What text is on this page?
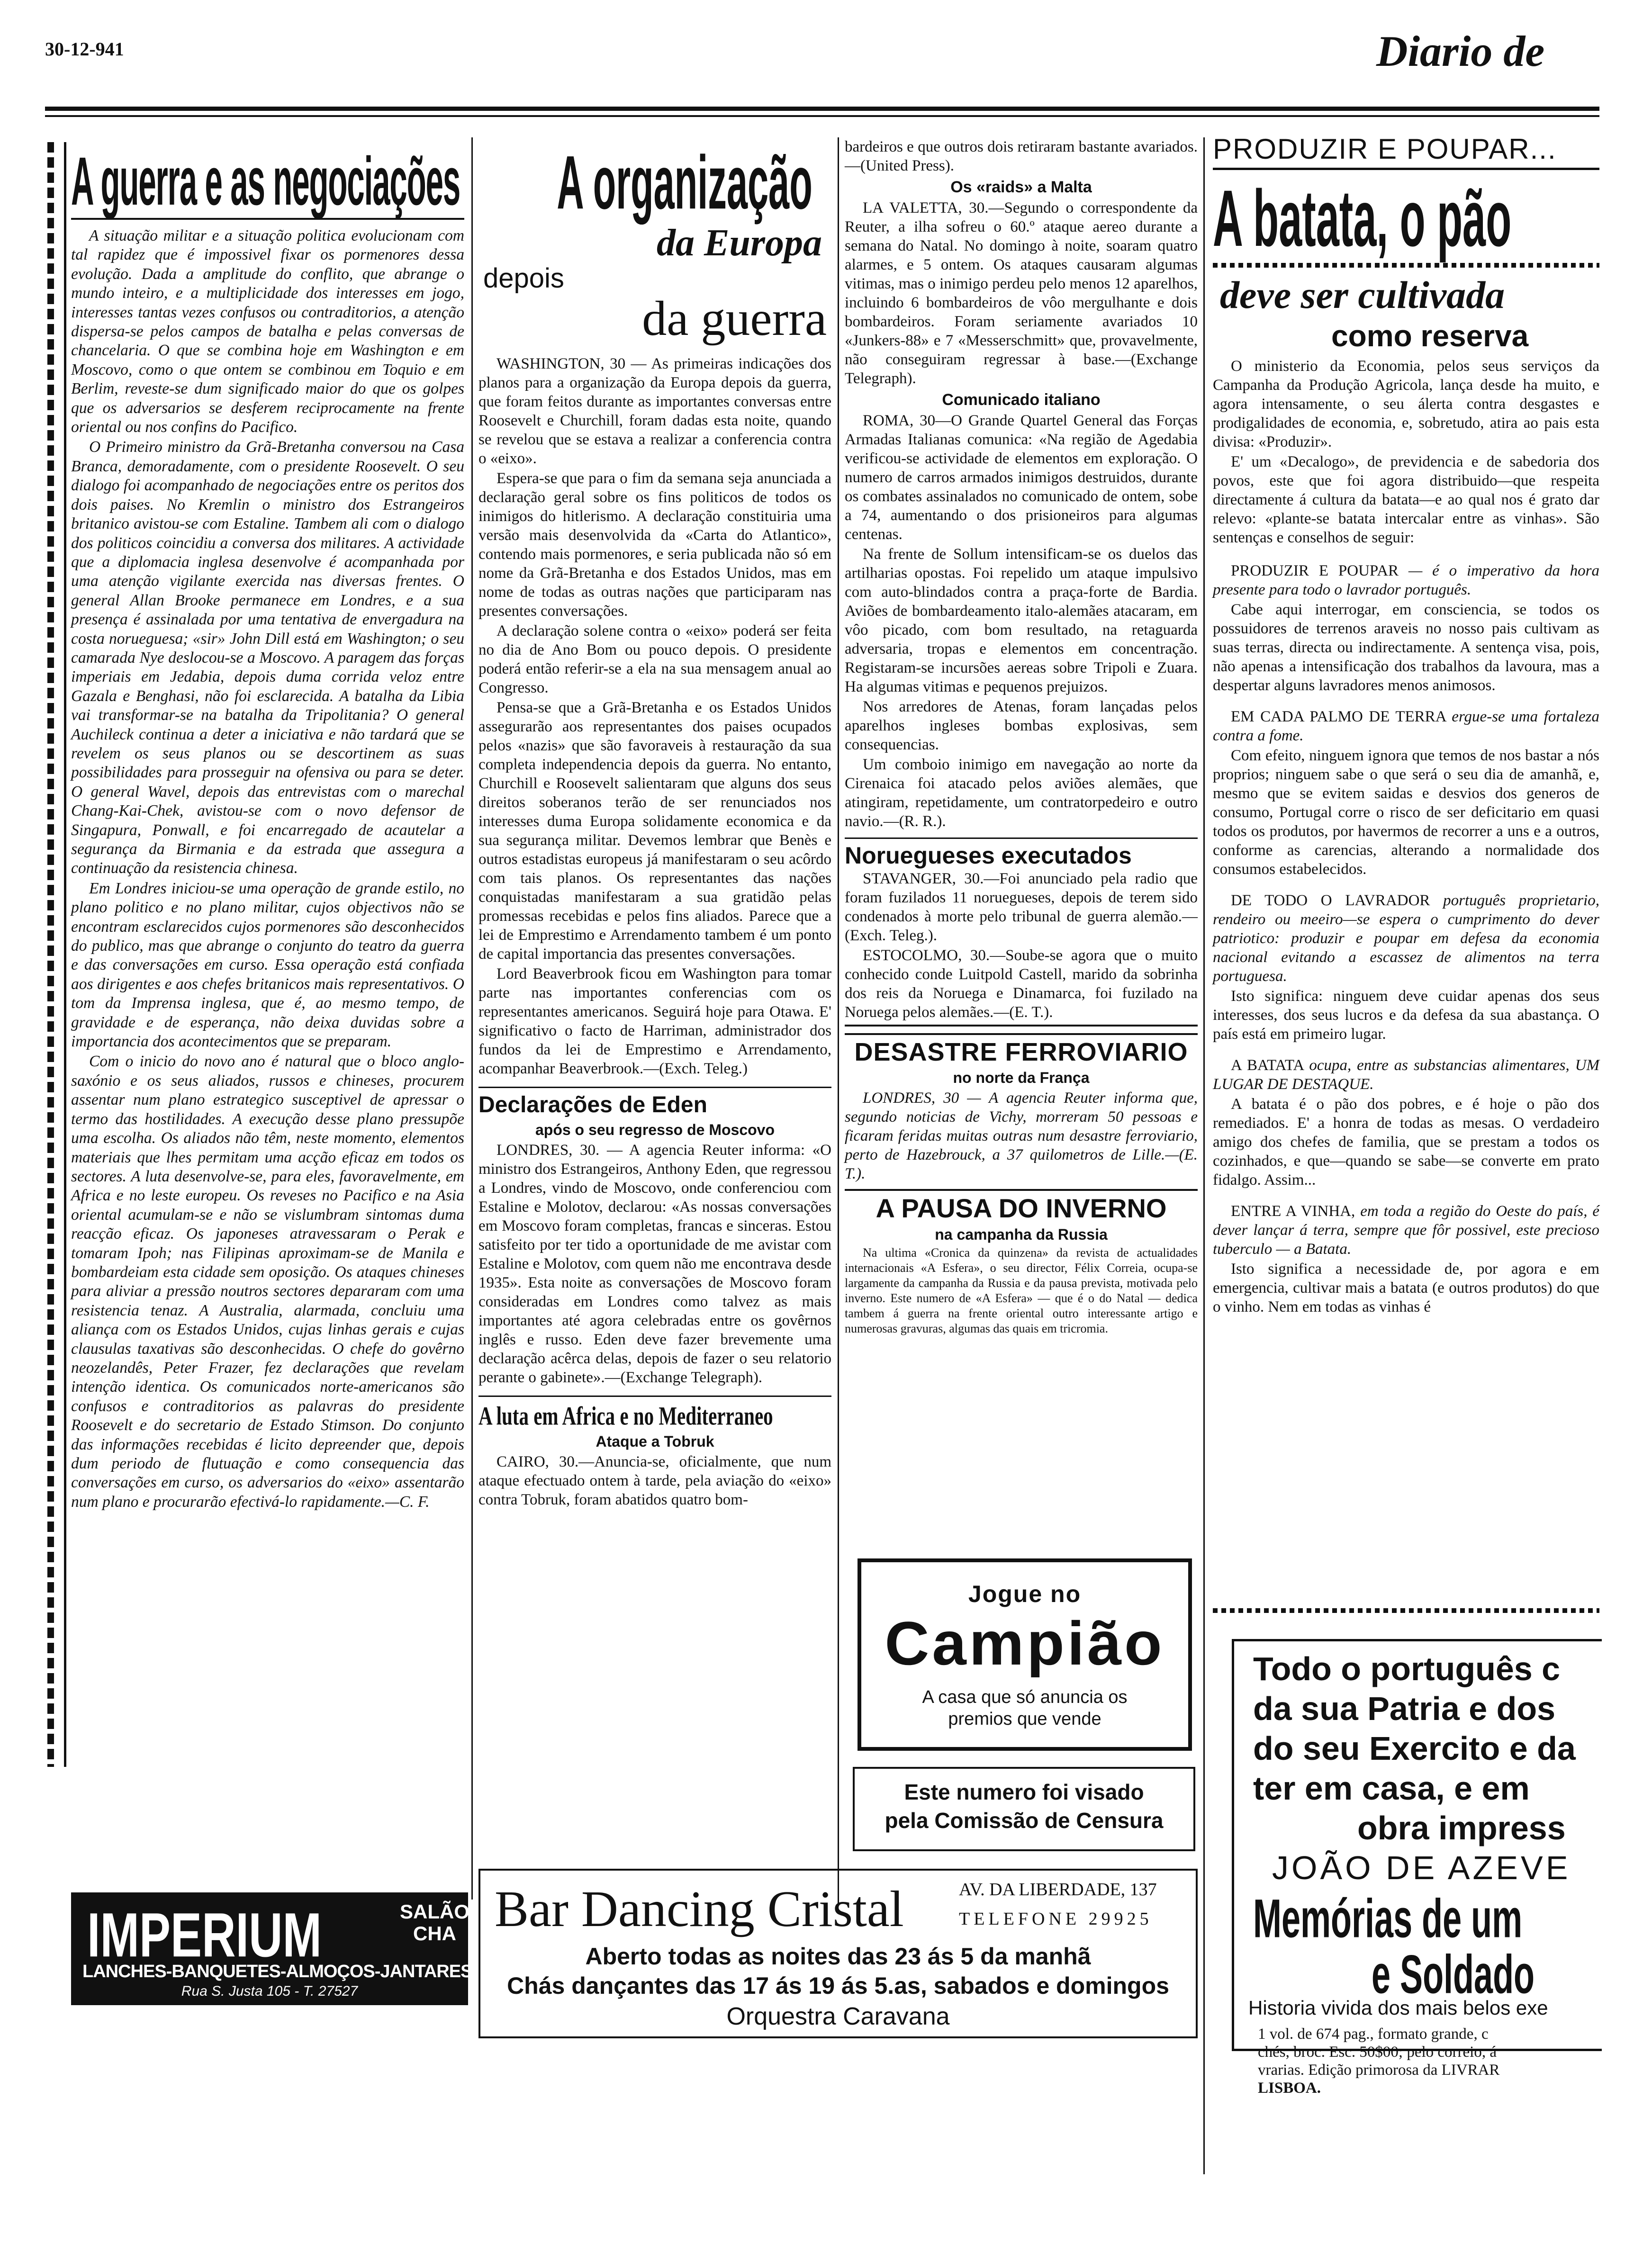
30-12-941	Diario de
A guerra e as negociações

A situação militar e a situação politica evolucionam com tal rapidez que é impossivel fixar os pormenores dessa evolução. Dada a amplitude do conflito, que abrange o mundo inteiro, e a multiplicidade dos interesses em jogo, interesses tantas vezes confusos ou contraditorios, a atenção dispersa-se pelos campos de batalha e pelas conversas de chancelaria. O que se combina hoje em Washington e em Moscovo, como o que ontem se combinou em Toquio e em Berlim, reveste-se dum significado maior do que os golpes que os adversarios se desferem reciprocamente na frente oriental ou nos confins do Pacifico.

O Primeiro ministro da Grã-Bretanha conversou na Casa Branca, demoradamente, com o presidente Roosevelt. O seu dialogo foi acompanhado de negociações entre os peritos dos dois paises. No Kremlin o ministro dos Estrangeiros britanico avistou-se com Estaline. Tambem ali com o dialogo dos politicos coincidiu a conversa dos militares. A actividade que a diplomacia inglesa desenvolve é acompanhada por uma atenção vigilante exercida nas diversas frentes. O general Allan Brooke permanece em Londres, e a sua presença é assinalada por uma tentativa de envergadura na costa norueguesa; «sir» John Dill está em Washington; o seu camarada Nye deslocou-se a Moscovo. A paragem das forças imperiais em Jedabia, depois duma corrida veloz entre Gazala e Benghasi, não foi esclarecida. A batalha da Libia vai transformar-se na batalha da Tripolitania? O general Auchileck continua a deter a iniciativa e não tardará que se revelem os seus planos ou se descortinem as suas possibilidades para prosseguir na ofensiva ou para se deter. O general Wavel, depois das entrevistas com o marechal Chang-Kai-Chek, avistou-se com o novo defensor de Singapura, Ponwall, e foi encarregado de acautelar a segurança da Birmania e da estrada que assegura a continuação da resistencia chinesa.

Em Londres iniciou-se uma operação de grande estilo, no plano politico e no plano militar, cujos objectivos não se encontram esclarecidos cujos pormenores são desconhecidos do publico, mas que abrange o conjunto do teatro da guerra e das conversações em curso. Essa operação está confiada aos dirigentes e aos chefes britanicos mais representativos. O tom da Imprensa inglesa, que é, ao mesmo tempo, de gravidade e de esperança, não deixa duvidas sobre a importancia dos acontecimentos que se preparam.

Com o inicio do novo ano é natural que o bloco anglo-saxónio e os seus aliados, russos e chineses, procurem assentar num plano estrategico susceptivel de apressar o termo das hostilidades. A execução desse plano pressupõe uma escolha. Os aliados não têm, neste momento, elementos materiais que lhes permitam uma acção eficaz em todos os sectores. A luta desenvolve-se, para eles, favoravelmente, em Africa e no leste europeu. Os reveses no Pacifico e na Asia oriental acumulam-se e não se vislumbram sintomas duma reacção eficaz. Os japoneses atravessaram o Perak e tomaram Ipoh; nas Filipinas aproximam-se de Manila e bombardeiam esta cidade sem oposição. Os ataques chineses para aliviar a pressão noutros sectores depararam com uma resistencia tenaz. A Australia, alarmada, concluiu uma aliança com os Estados Unidos, cujas linhas gerais e cujas clausulas taxativas são desconhecidas. O chefe do govêrno neozelandês, Peter Frazer, fez declarações que revelam intenção identica. Os comunicados norte-americanos são confusos e contraditorios as palavras do presidente Roosevelt e do secretario de Estado Stimson. Do conjunto das informações recebidas é licito depreender que, depois dum periodo de flutuação e como consequencia das conversações em curso, os adversarios do «eixo» assentarão num plano e procurarão efectivá-lo rapidamente.—C. F.

IMPERIUM	SALÃO
CHA
LANCHES-BANQUETES-ALMOÇOS-JANTARES
Rua S. Justa 105 - T. 27527
A organização
da Europa
depois
da guerra

WASHINGTON, 30 — As primeiras indicações dos planos para a organização da Europa depois da guerra, que foram feitos durante as importantes conversas entre Roosevelt e Churchill, foram dadas esta noite, quando se revelou que se estava a realizar a conferencia contra o «eixo».

Espera-se que para o fim da semana seja anunciada a declaração geral sobre os fins politicos de todos os inimigos do hitlerismo. A declaração constituiria uma versão mais desenvolvida da «Carta do Atlantico», contendo mais pormenores, e seria publicada não só em nome da Grã-Bretanha e dos Estados Unidos, mas em nome de todas as outras nações que participaram nas presentes conversações.

A declaração solene contra o «eixo» poderá ser feita no dia de Ano Bom ou pouco depois. O presidente poderá então referir-se a ela na sua mensagem anual ao Congresso.

Pensa-se que a Grã-Bretanha e os Estados Unidos assegurarão aos representantes dos paises ocupados pelos «nazis» que são favoraveis à restauração da sua completa independencia depois da guerra. No entanto, Churchill e Roosevelt salientaram que alguns dos seus direitos soberanos terão de ser renunciados nos interesses duma Europa solidamente economica e da sua segurança militar. Devemos lembrar que Benès e outros estadistas europeus já manifestaram o seu acôrdo com tais planos. Os representantes das nações conquistadas manifestaram a sua gratidão pelas promessas recebidas e pelos fins aliados. Parece que a lei de Emprestimo e Arrendamento tambem é um ponto de capital importancia das presentes conversações.

Lord Beaverbrook ficou em Washington para tomar parte nas importantes conferencias com os representantes americanos. Seguirá hoje para Otawa. E' significativo o facto de Harriman, administrador dos fundos da lei de Emprestimo e Arrendamento, acompanhar Beaverbrook.—(Exch. Teleg.)

Declarações de Eden
após o seu regresso de Moscovo

LONDRES, 30. — A agencia Reuter informa: «O ministro dos Estrangeiros, Anthony Eden, que regressou a Londres, vindo de Moscovo, onde conferenciou com Estaline e Molotov, declarou: «As nossas conversações em Moscovo foram completas, francas e sinceras. Estou satisfeito por ter tido a oportunidade de me avistar com Estaline e Molotov, com quem não me encontrava desde 1935». Esta noite as conversações de Moscovo foram consideradas em Londres como talvez as mais importantes até agora celebradas entre os govêrnos inglês e russo. Eden deve fazer brevemente uma declaração acêrca delas, depois de fazer o seu relatorio perante o gabinete».—(Exchange Telegraph).

A luta em Africa e no Mediterraneo
Ataque a Tobruk

CAIRO, 30.—Anuncia-se, oficialmente, que num ataque efectuado ontem à tarde, pela aviação do «eixo» contra Tobruk, foram abatidos quatro bom-

bardeiros e que outros dois retiraram bastante avariados.—(United Press).

Os «raids» a Malta

LA VALETTA, 30.—Segundo o correspondente da Reuter, a ilha sofreu o 60.º ataque aereo durante a semana do Natal. No domingo à noite, soaram quatro alarmes, e 5 ontem. Os ataques causaram algumas vitimas, mas o inimigo perdeu pelo menos 12 aparelhos, incluindo 6 bombardeiros de vôo mergulhante e dois bombardeiros. Foram seriamente avariados 10 «Junkers-88» e 7 «Messerschmitt» que, provavelmente, não conseguiram regressar à base.—(Exchange Telegraph).

Comunicado italiano

ROMA, 30—O Grande Quartel General das Forças Armadas Italianas comunica: «Na região de Agedabia verificou-se actividade de elementos em exploração. O numero de carros armados inimigos destruidos, durante os combates assinalados no comunicado de ontem, sobe a 74, aumentando o dos prisioneiros para algumas centenas.

Na frente de Sollum intensificam-se os duelos das artilharias opostas. Foi repelido um ataque impulsivo com auto-blindados contra a praça-forte de Bardia. Aviões de bombardeamento italo-alemães atacaram, em vôo picado, com bom resultado, na retaguarda adversaria, tropas e elementos em concentração. Registaram-se incursões aereas sobre Tripoli e Zuara. Ha algumas vitimas e pequenos prejuizos.

Nos arredores de Atenas, foram lançadas pelos aparelhos ingleses bombas explosivas, sem consequencias.

Um comboio inimigo em navegação ao norte da Cirenaica foi atacado pelos aviões alemães, que atingiram, repetidamente, um contratorpedeiro e outro navio.—(R. R.).

Noruegueses executados

STAVANGER, 30.—Foi anunciado pela radio que foram fuzilados 11 noruegueses, depois de terem sido condenados à morte pelo tribunal de guerra alemão.—(Exch. Teleg.).

ESTOCOLMO, 30.—Soube-se agora que o muito conhecido conde Luitpold Castell, marido da sobrinha dos reis da Noruega e Dinamarca, foi fuzilado na Noruega pelos alemães.—(E. T.).

DESASTRE FERROVIARIO
no norte da França

LONDRES, 30 — A agencia Reuter informa que, segundo noticias de Vichy, morreram 50 pessoas e ficaram feridas muitas outras num desastre ferroviario, perto de Hazebrouck, a 37 quilometros de Lille.—(E. T.).

A PAUSA DO INVERNO
na campanha da Russia

Na ultima «Cronica da quinzena» da revista de actualidades internacionais «A Esfera», o seu director, Félix Correia, ocupa-se largamente da campanha da Russia e da pausa prevista, motivada pelo inverno. Este numero de «A Esfera» — que é o do Natal — dedica tambem á guerra na frente oriental outro interessante artigo e numerosas gravuras, algumas das quais em tricromia.

Jogue no
Campião
A casa que só anuncia os
premios que vende
Este numero foi visado
pela Comissão de Censura
Bar Dancing Cristal	AV. DA LIBERDADE, 137
TELEFONE 29925
Aberto todas as noites das 23 ás 5 da manhã
Chás dançantes das 17 ás 19 ás 5.as, sabados e domingos
Orquestra Caravana
PRODUZIR E POUPAR...
A batata, o pão
deve ser cultivada
como reserva

O ministerio da Economia, pelos seus serviços da Campanha da Produção Agricola, lança desde ha muito, e agora intensamente, o seu álerta contra desgastes e prodigalidades de economia, e, sobretudo, atira ao pais esta divisa: «Produzir».

E' um «Decalogo», de previdencia e de sabedoria dos povos, este que foi agora distribuido—que respeita directamente á cultura da batata—e ao qual nos é grato dar relevo: «plante-se batata intercalar entre as vinhas». São sentenças e conselhos de seguir:

PRODUZIR E POUPAR — é o imperativo da hora presente para todo o lavrador português.

Cabe aqui interrogar, em consciencia, se todos os possuidores de terrenos araveis no nosso pais cultivam as suas terras, directa ou indirectamente. A sentença visa, pois, não apenas a intensificação dos trabalhos da lavoura, mas a despertar alguns lavradores menos animosos.

EM CADA PALMO DE TERRA ergue-se uma fortaleza contra a fome.

Com efeito, ninguem ignora que temos de nos bastar a nós proprios; ninguem sabe o que será o seu dia de amanhã, e, mesmo que se evitem saidas e desvios dos generos de consumo, Portugal corre o risco de ser deficitario em quasi todos os produtos, por havermos de recorrer a uns e a outros, conforme as carencias, alterando a normalidade dos consumos estabelecidos.

DE TODO O LAVRADOR português proprietario, rendeiro ou meeiro—se espera o cumprimento do dever patriotico: produzir e poupar em defesa da economia nacional evitando a escassez de alimentos na terra portuguesa.

Isto significa: ninguem deve cuidar apenas dos seus interesses, dos seus lucros e da defesa da sua abastança. O país está em primeiro lugar.

A BATATA ocupa, entre as substancias alimentares, UM LUGAR DE DESTAQUE.

A batata é o pão dos pobres, e é hoje o pão dos remediados. E' a honra de todas as mesas. O verdadeiro amigo dos chefes de familia, que se prestam a todos os cozinhados, e que—quando se sabe—se converte em prato fidalgo. Assim...

ENTRE A VINHA, em toda a região do Oeste do país, é dever lançar á terra, sempre que fôr possivel, este precioso tuberculo — a Batata.

Isto significa a necessidade de, por agora e em emergencia, cultivar mais a batata (e outros produtos) do que o vinho. Nem em todas as vinhas é

Todo o português c
da sua Patria e dos
do seu Exercito e da
ter em casa, e em
obra impress
JOÃO DE AZEVE
Memórias de um
e Soldado
Historia vivida dos mais belos exe
1 vol. de 674 pag., formato grande, c
chés, broc. Esc. 50$00; pelo correio, á
vrarias. Edição primorosa da LIVRAR
LISBOA.
